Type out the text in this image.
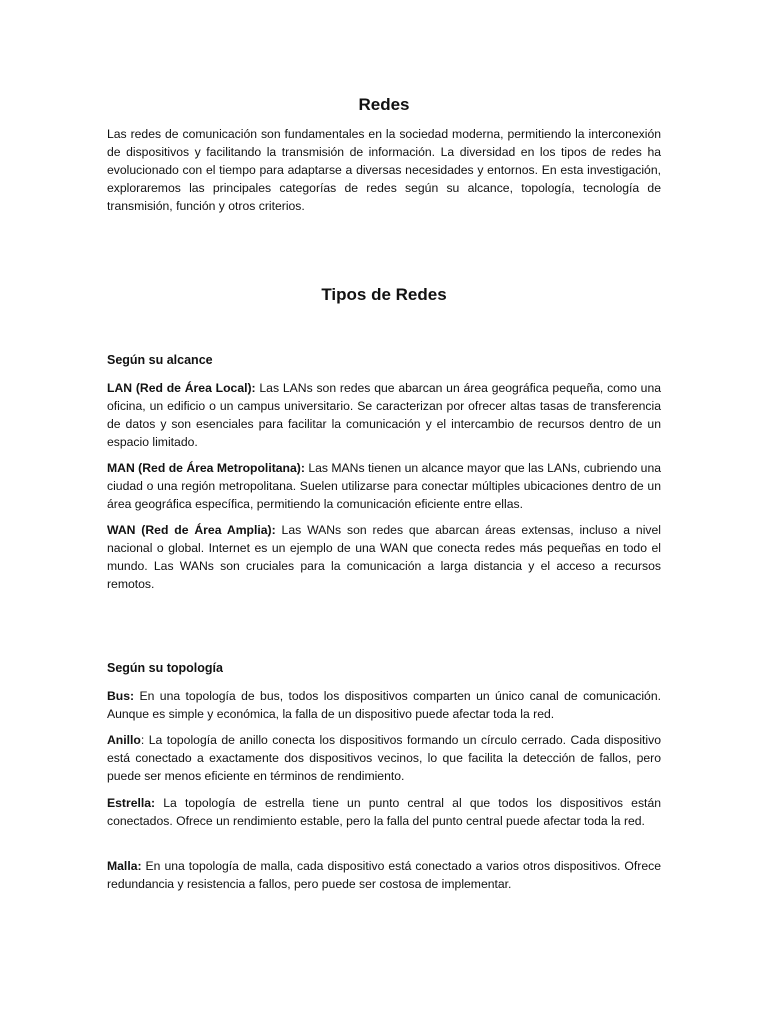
Redes

Las redes de comunicación son fundamentales en la sociedad moderna, permitiendo la interconexión de dispositivos y facilitando la transmisión de información. La diversidad en los tipos de redes ha evolucionado con el tiempo para adaptarse a diversas necesidades y entornos. En esta investigación, exploraremos las principales categorías de redes según su alcance, topología, tecnología de transmisión, función y otros criterios.

Tipos de Redes
Según su alcance

LAN (Red de Área Local): Las LANs son redes que abarcan un área geográfica pequeña, como una oficina, un edificio o un campus universitario. Se caracterizan por ofrecer altas tasas de transferencia de datos y son esenciales para facilitar la comunicación y el intercambio de recursos dentro de un espacio limitado.

MAN (Red de Área Metropolitana): Las MANs tienen un alcance mayor que las LANs, cubriendo una ciudad o una región metropolitana. Suelen utilizarse para conectar múltiples ubicaciones dentro de un área geográfica específica, permitiendo la comunicación eficiente entre ellas.

WAN (Red de Área Amplia): Las WANs son redes que abarcan áreas extensas, incluso a nivel nacional o global. Internet es un ejemplo de una WAN que conecta redes más pequeñas en todo el mundo. Las WANs son cruciales para la comunicación a larga distancia y el acceso a recursos remotos.

Según su topología

Bus: En una topología de bus, todos los dispositivos comparten un único canal de comunicación. Aunque es simple y económica, la falla de un dispositivo puede afectar toda la red.

Anillo: La topología de anillo conecta los dispositivos formando un círculo cerrado. Cada dispositivo está conectado a exactamente dos dispositivos vecinos, lo que facilita la detección de fallos, pero puede ser menos eficiente en términos de rendimiento.

Estrella: La topología de estrella tiene un punto central al que todos los dispositivos están conectados. Ofrece un rendimiento estable, pero la falla del punto central puede afectar toda la red.

Malla: En una topología de malla, cada dispositivo está conectado a varios otros dispositivos. Ofrece redundancia y resistencia a fallos, pero puede ser costosa de implementar.
